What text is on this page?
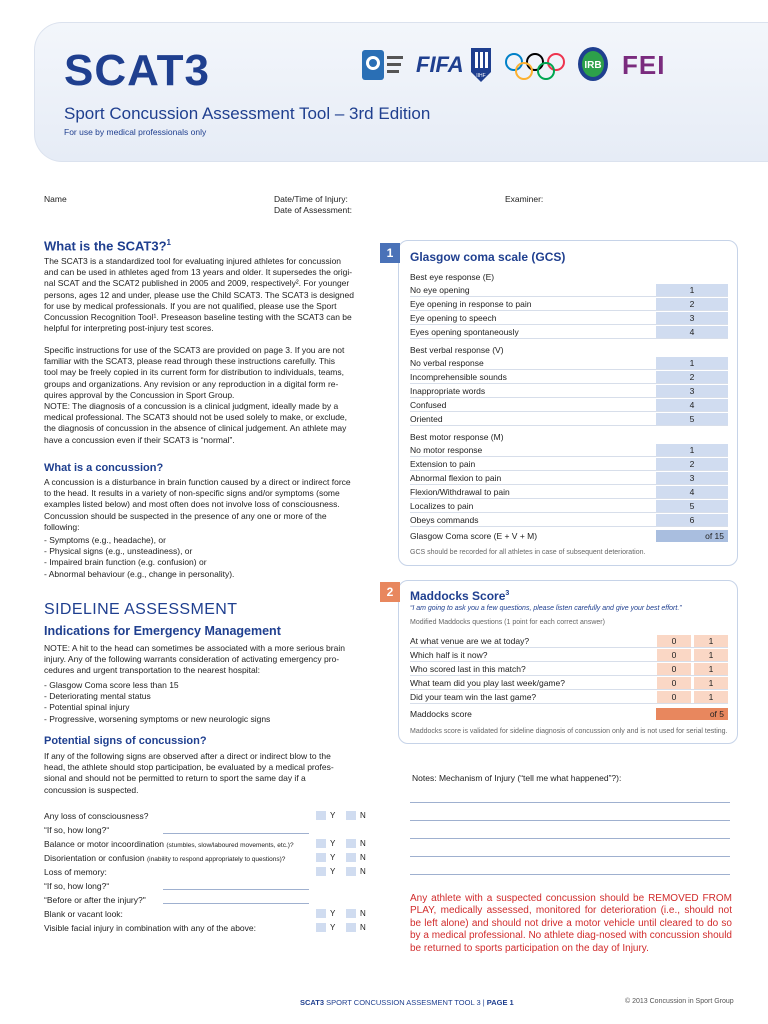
SCAT3
Sport Concussion Assessment Tool – 3rd Edition
For use by medical professionals only
FIFA	IIHF
IRB FEI
Name	Date/Time of Injury:
Date of Assessment:
Examiner:
What is the SCAT3?$^1$
The SCAT3 is a standardized tool for evaluating injured athletes for concussion
and can be used in athletes aged from 13 years and older. It supersedes the origi-
nal SCAT and the SCAT2 published in 2005 and 2009, respectively². For younger
persons, ages 12 and under, please use the Child SCAT3. The SCAT3 is designed
for use by medical professionals. If you are not qualified, please use the Sport
Concussion Recognition Tool¹. Preseason baseline testing with the SCAT3 can be
helpful for interpreting post-injury test scores.
Specific instructions for use of the SCAT3 are provided on page 3. If you are not
familiar with the SCAT3, please read through these instructions carefully. This
tool may be freely copied in its current form for distribution to individuals, teams,
groups and organizations. Any revision or any reproduction in a digital form re-
quires approval by the Concussion in Sport Group.
NOTE: The diagnosis of a concussion is a clinical judgment, ideally made by a
medical professional. The SCAT3 should not be used solely to make, or exclude,
the diagnosis of concussion in the absence of clinical judgement. An athlete may
have a concussion even if their SCAT3 is “normal”.
What is a concussion?
A concussion is a disturbance in brain function caused by a direct or indirect force
to the head. It results in a variety of non-specific signs and/or symptoms (some
examples listed below) and most often does not involve loss of consciousness.
Concussion should be suspected in the presence of any one or more of the
following:
- Symptoms (e.g., headache), or
- Physical signs (e.g., unsteadiness), or
- Impaired brain function (e.g. confusion) or
- Abnormal behaviour (e.g., change in personality).
SIDELINE ASSESSMENT
Indications for Emergency Management
NOTE: A hit to the head can sometimes be associated with a more serious brain
injury. Any of the following warrants consideration of activating emergency pro-
cedures and urgent transportation to the nearest hospital:
- Glasgow Coma score less than 15
- Deteriorating mental status
- Potential spinal injury
- Progressive, worsening symptoms or new neurologic signs
Potential signs of concussion?
If any of the following signs are observed after a direct or indirect blow to the
head, the athlete should stop participation, be evaluated by a medical profes-
sional and should not be permitted to return to sport the same day if a
concussion is suspected.
Any loss of consciousness?	Y	N
“If so, how long?“
Balance or motor incoordination (stumbles, slow/laboured movements, etc.)?	Y	N
Disorientation or confusion (inability to respond appropriately to questions)?	Y	N
Loss of memory:	Y	N
“If so, how long?“
“Before or after the injury?"
Blank or vacant look:	Y	N
Visible facial injury in combination with any of the above:	Y	N
1	Glasgow coma scale (GCS)
Best eye response (E)
No eye opening	1
Eye opening in response to pain	2
Eye opening to speech	3
Eyes opening spontaneously	4
Best verbal response (V)
No verbal response	1
Incomprehensible sounds	2
Inappropriate words	3
Confused	4
Oriented	5
Best motor response (M)
No motor response	1
Extension to pain	2
Abnormal flexion to pain	3
Flexion/Withdrawal to pain	4
Localizes to pain	5
Obeys commands	6
Glasgow Coma score (E + V + M)	of 15
GCS should be recorded for all athletes in case of subsequent deterioration.
2	Maddocks Score$^3$
“I am going to ask you a few questions, please listen carefully and give your best effort.”
Modified Maddocks questions (1 point for each correct answer)
At what venue are we at today?	0	1
Which half is it now?	0	1
Who scored last in this match?	0	1
What team did you play last week/game?	0	1
Did your team win the last game?	0	1
Maddocks score	of 5
Maddocks score is validated for sideline diagnosis of concussion only and is not used for serial testing.
Notes: Mechanism of Injury (“tell me what happened”?):
Any athlete with a suspected concussion should be REMOVED FROM PLAY, medically assessed, monitored for deterioration (i.e., should not be left alone) and should not drive a motor vehicle until cleared to do so by a medical professional. No athlete diag-nosed with concussion should be returned to sports participation on the day of Injury.
SCAT3 SPORT CONCUSSION ASSESMENT TOOL 3 | PAGE 1	© 2013 Concussion in Sport Group
